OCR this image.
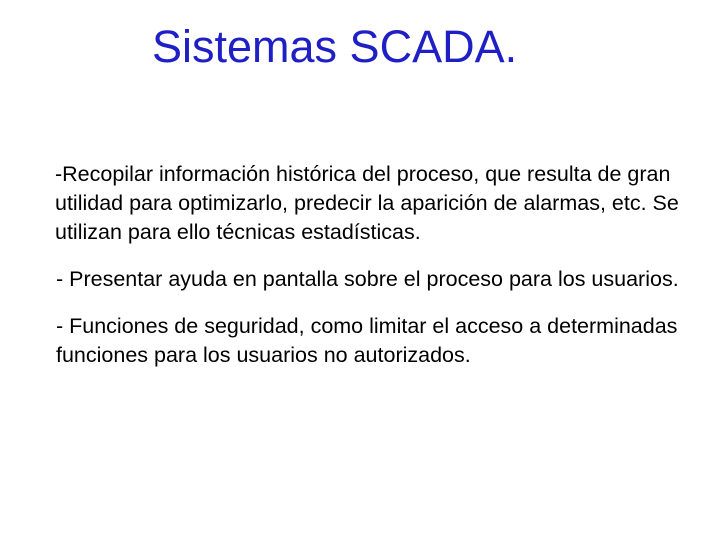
Sistemas SCADA.
-Recopilar información histórica del proceso, que resulta de gran utilidad para optimizarlo, predecir la aparición de alarmas, etc. Se utilizan para ello técnicas estadísticas.
- Presentar ayuda en pantalla sobre el proceso para los usuarios.
- Funciones de seguridad, como limitar el acceso a determinadas funciones para los usuarios no autorizados.
